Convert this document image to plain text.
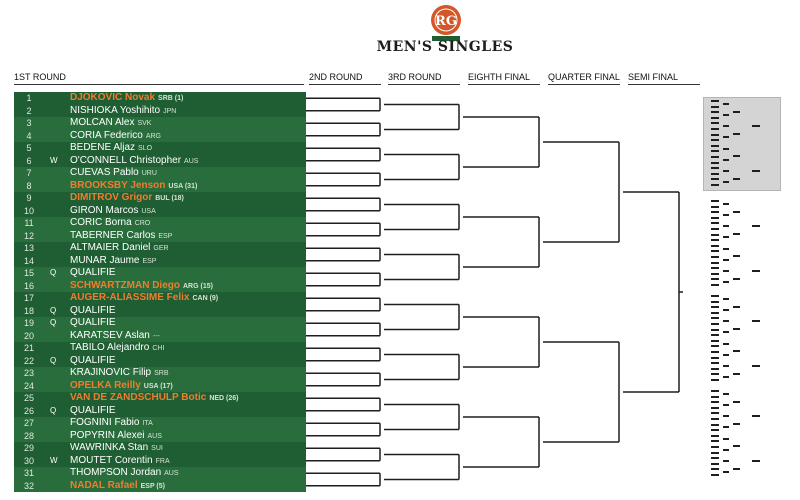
RG
MEN'S SINGLES
1ST ROUND	2ND ROUND	3RD ROUND	EIGHTH FINAL	QUARTER FINAL SEMI FINAL
1	DJOKOVIC Novak SRB (1)
2	NISHIOKA Yoshihito JPN
3	MOLCAN Alex SVK
4	CORIA Federico ARG
5	BEDENE Aljaz SLO
6	W O'CONNELL Christopher AUS
7	CUEVAS Pablo URU
8	BROOKSBY Jenson USA (31)
9	DIMITROV Grigor BUL (18)
10	GIRON Marcos USA
11	CORIC Borna CRO
12	TABERNER Carlos ESP
13	ALTMAIER Daniel GER
14	MUNAR Jaume ESP
15	Q QUALIFIE
16	SCHWARTZMAN Diego ARG (15)
17	AUGER-ALIASSIME Felix CAN (9)
18	Q QUALIFIE
19	Q QUALIFIE
20	KARATSEV Aslan ---
21	TABILO Alejandro CHI
22	Q QUALIFIE
23	KRAJINOVIC Filip SRB
24	OPELKA Reilly USA (17)
25	VAN DE ZANDSCHULP Botic NED (26)
26	Q QUALIFIE
27	FOGNINI Fabio ITA
28	POPYRIN Alexei AUS
29	WAWRINKA Stan SUI
30	W MOUTET Corentin FRA
31	THOMPSON Jordan AUS
32	NADAL Rafael ESP (5)
